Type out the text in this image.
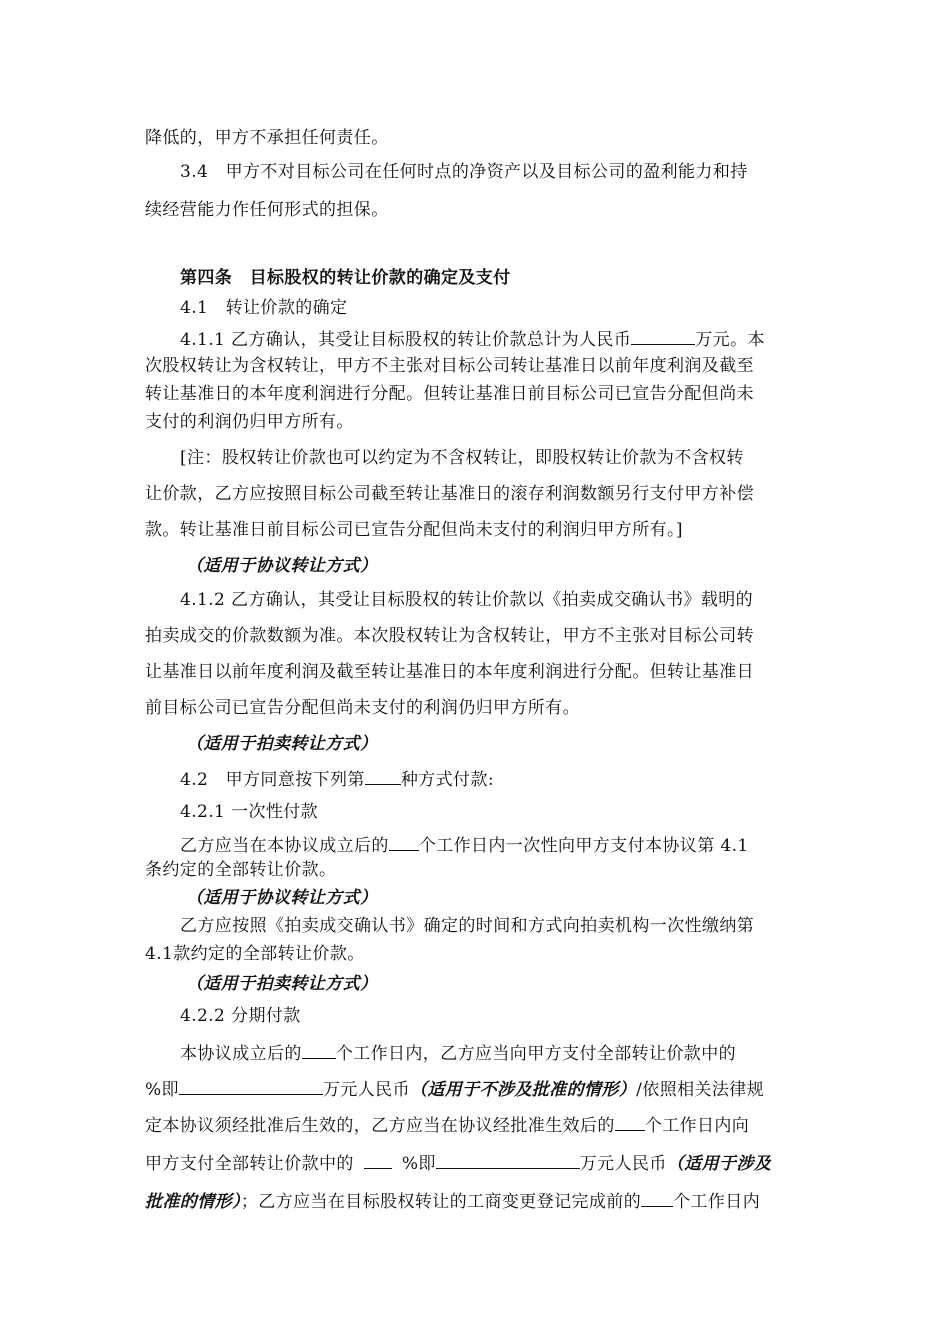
降低的，甲方不承担任何责任。
3.4　甲方不对目标公司在任何时点的净资产以及目标公司的盈利能力和持
续经营能力作任何形式的担保。
第四条　目标股权的转让价款的确定及支付
4.1　转让价款的确定
4.1.1 乙方确认，其受让目标股权的转让价款总计为人民币	万元。本
次股权转让为含权转让，甲方不主张对目标公司转让基准日以前年度利润及截至
转让基准日的本年度利润进行分配。但转让基准日前目标公司已宣告分配但尚未
支付的利润仍归甲方所有。
[注：股权转让价款也可以约定为不含权转让，即股权转让价款为不含权转
让价款，乙方应按照目标公司截至转让基准日的滚存利润数额另行支付甲方补偿
款。转让基准日前目标公司已宣告分配但尚未支付的利润归甲方所有。]
（适用于协议转让方式）
4.1.2 乙方确认，其受让目标股权的转让价款以《拍卖成交确认书》载明的
拍卖成交的价款数额为准。本次股权转让为含权转让，甲方不主张对目标公司转
让基准日以前年度利润及截至转让基准日的本年度利润进行分配。但转让基准日
前目标公司已宣告分配但尚未支付的利润仍归甲方所有。
（适用于拍卖转让方式）
4.2　甲方同意按下列第 种方式付款:
4.2.1 一次性付款
乙方应当在本协议成立后的 个工作日内一次性向甲方支付本协议第 4.1
条约定的全部转让价款。
（适用于协议转让方式）
乙方应按照《拍卖成交确认书》确定的时间和方式向拍卖机构一次性缴纳第
4.1款约定的全部转让价款。
（适用于拍卖转让方式）
4.2.2 分期付款
本协议成立后的 个工作日内，乙方应当向甲方支付全部转让价款中的
%即	万元人民币（适用于不涉及批准的情形）/依照相关法律规
定本协议须经批准后生效的，乙方应当在协议经批准生效后的 个工作日内向
甲方支付全部转让价款中的	%即	万元人民币（适用于涉及
批准的情形）；乙方应当在目标股权转让的工商变更登记完成前的 个工作日内
